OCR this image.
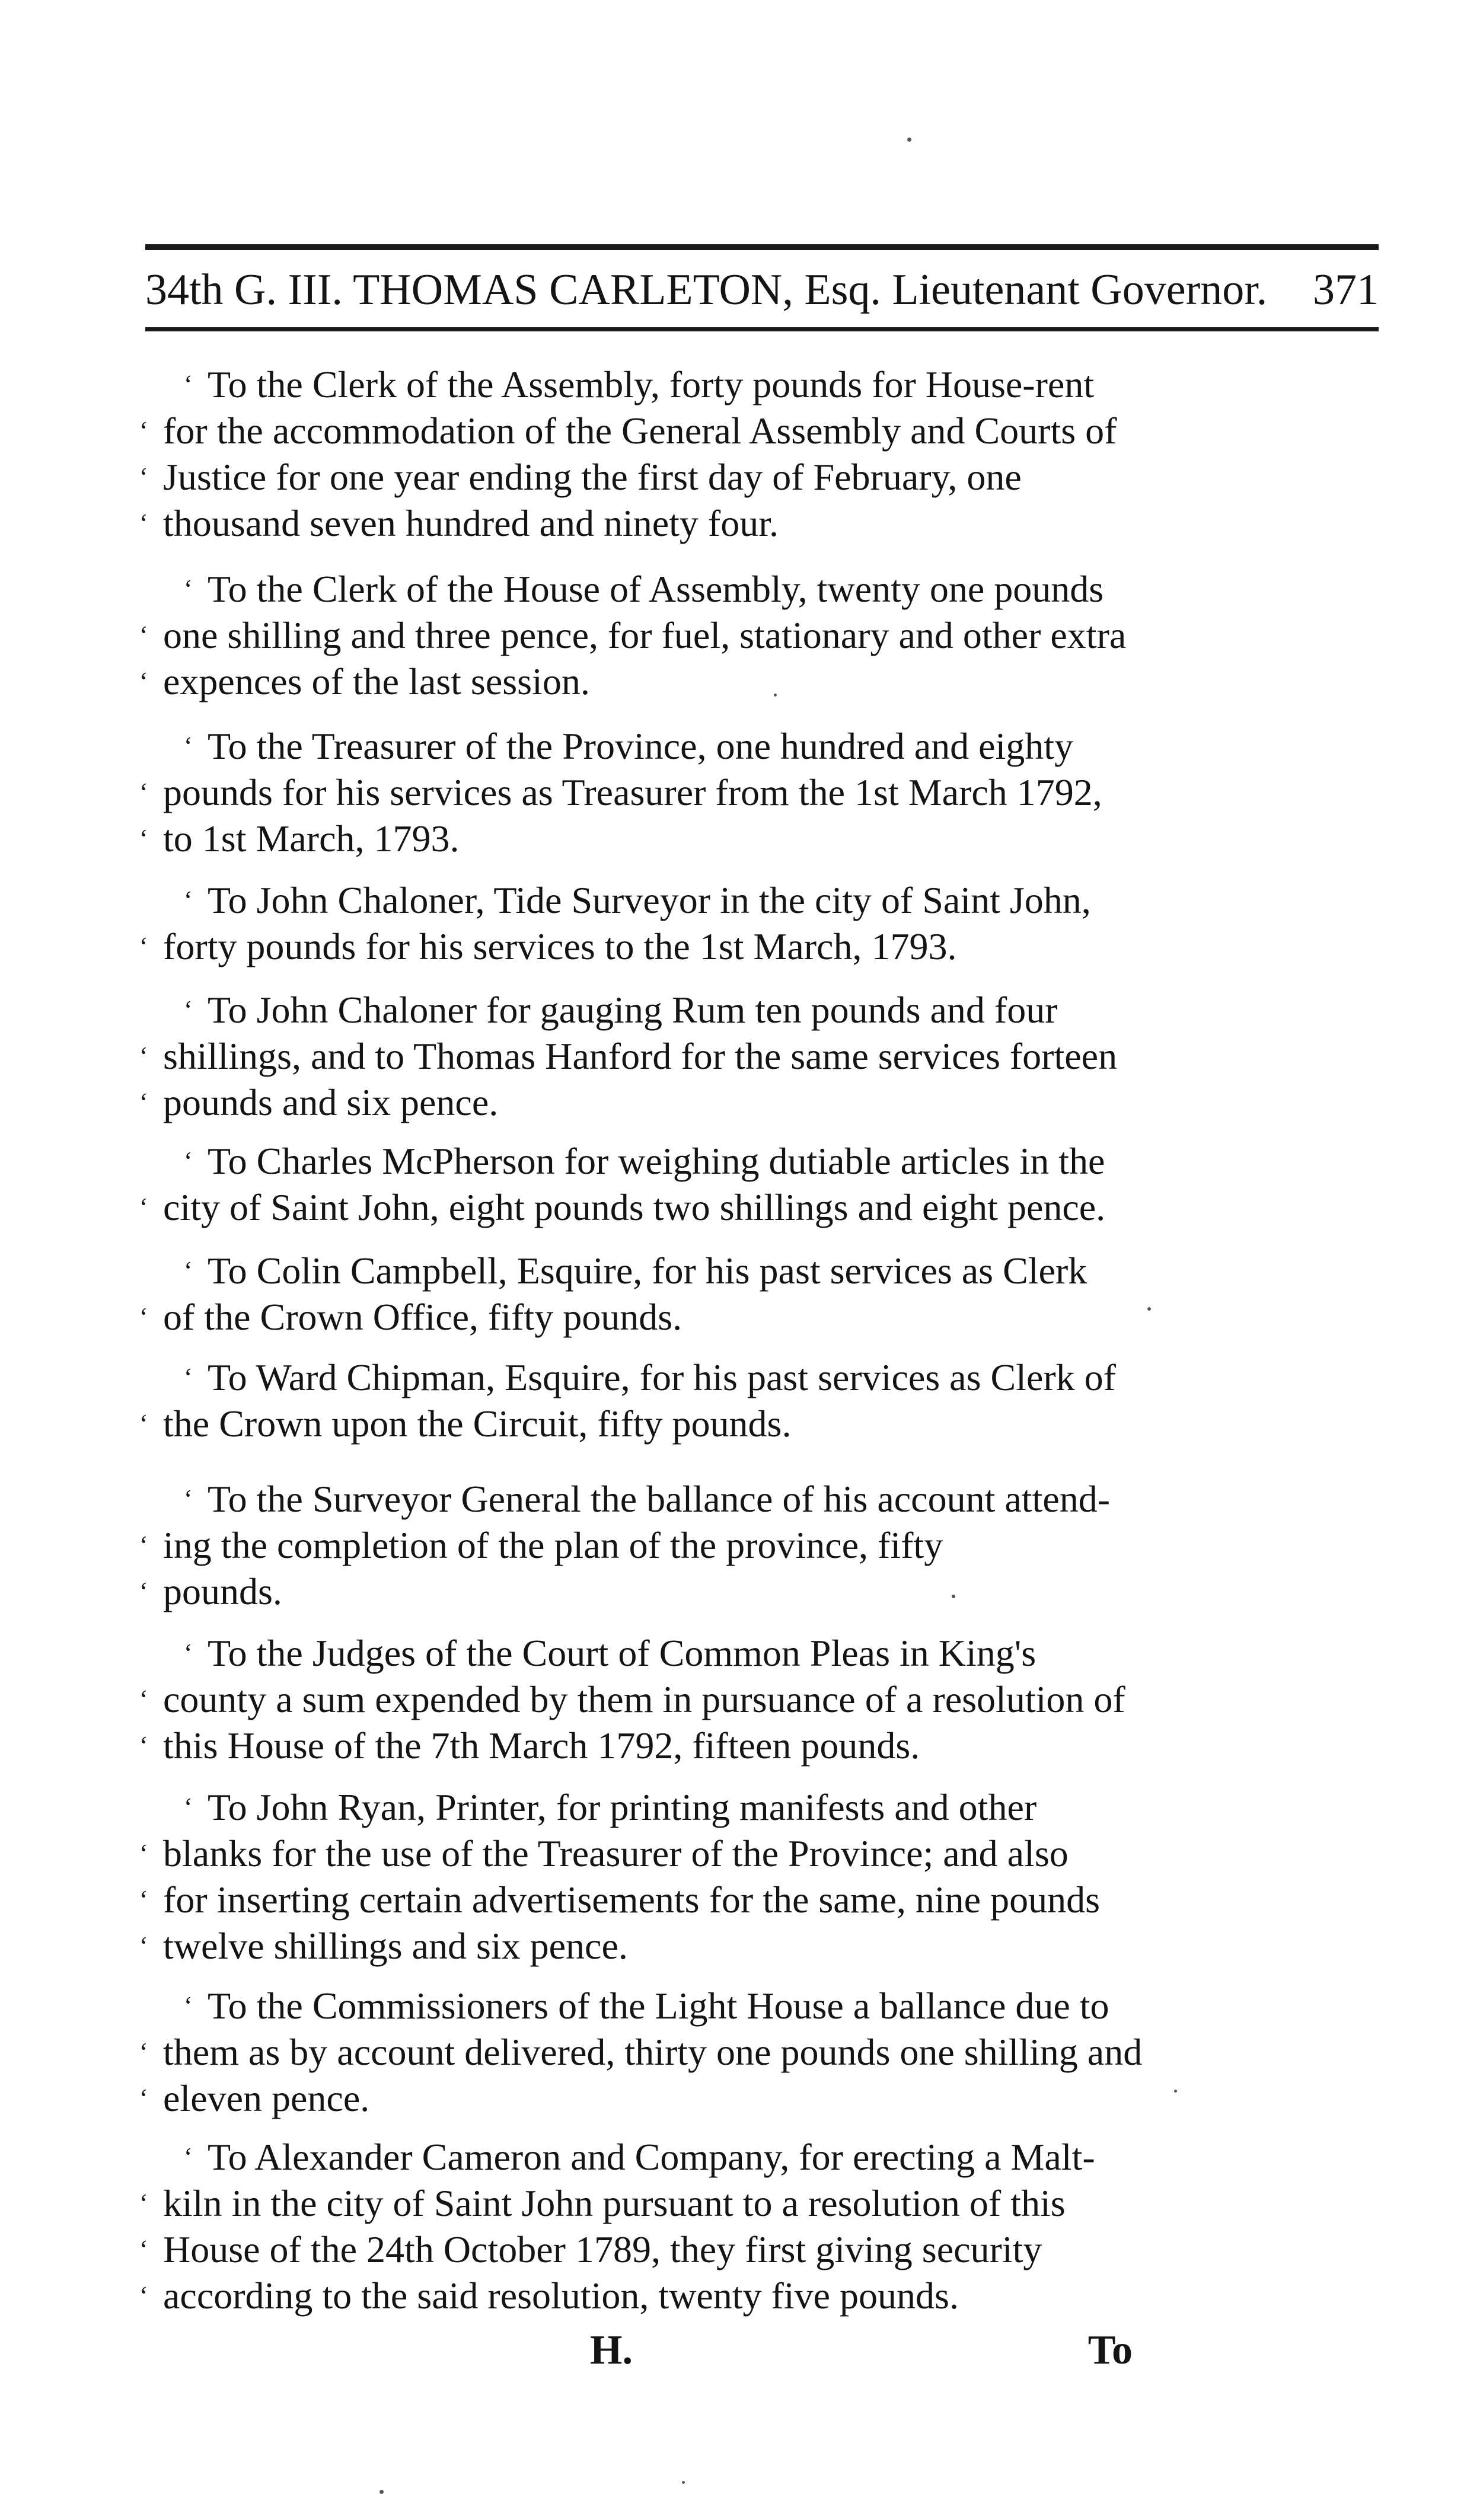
34th G. III. THOMAS CARLETON, Esq. Lieutenant Governor. 371
‘ To the Clerk of the Assembly, forty pounds for House-rent
‘ for the accommodation of the General Assembly and Courts of
‘ Justice for one year ending the first day of February, one
‘ thousand seven hundred and ninety four.
‘ To the Clerk of the House of Assembly, twenty one pounds
‘ one shilling and three pence, for fuel, stationary and other extra
‘ expences of the last session.
‘ To the Treasurer of the Province, one hundred and eighty
‘ pounds for his services as Treasurer from the 1st March 1792,
‘ to 1st March, 1793.
‘ To John Chaloner, Tide Surveyor in the city of Saint John,
‘ forty pounds for his services to the 1st March, 1793.
‘ To John Chaloner for gauging Rum ten pounds and four
‘ shillings, and to Thomas Hanford for the same services forteen
‘ pounds and six pence.
‘ To Charles McPherson for weighing dutiable articles in the
‘ city of Saint John, eight pounds two shillings and eight pence.
‘ To Colin Campbell, Esquire, for his past services as Clerk
‘ of the Crown Office, fifty pounds.
‘ To Ward Chipman, Esquire, for his past services as Clerk of
‘ the Crown upon the Circuit, fifty pounds.
‘ To the Surveyor General the ballance of his account attend-
‘ ing the completion of the plan of the province, fifty
‘ pounds.
‘ To the Judges of the Court of Common Pleas in King's
‘ county a sum expended by them in pursuance of a resolution of
‘ this House of the 7th March 1792, fifteen pounds.
‘ To John Ryan, Printer, for printing manifests and other
‘ blanks for the use of the Treasurer of the Province; and also
‘ for inserting certain advertisements for the same, nine pounds
‘ twelve shillings and six pence.
‘ To the Commissioners of the Light House a ballance due to
‘ them as by account delivered, thirty one pounds one shilling and
‘ eleven pence.
‘ To Alexander Cameron and Company, for erecting a Malt-
‘ kiln in the city of Saint John pursuant to a resolution of this
‘ House of the 24th October 1789, they first giving security
‘ according to the said resolution, twenty five pounds.
H.	To
